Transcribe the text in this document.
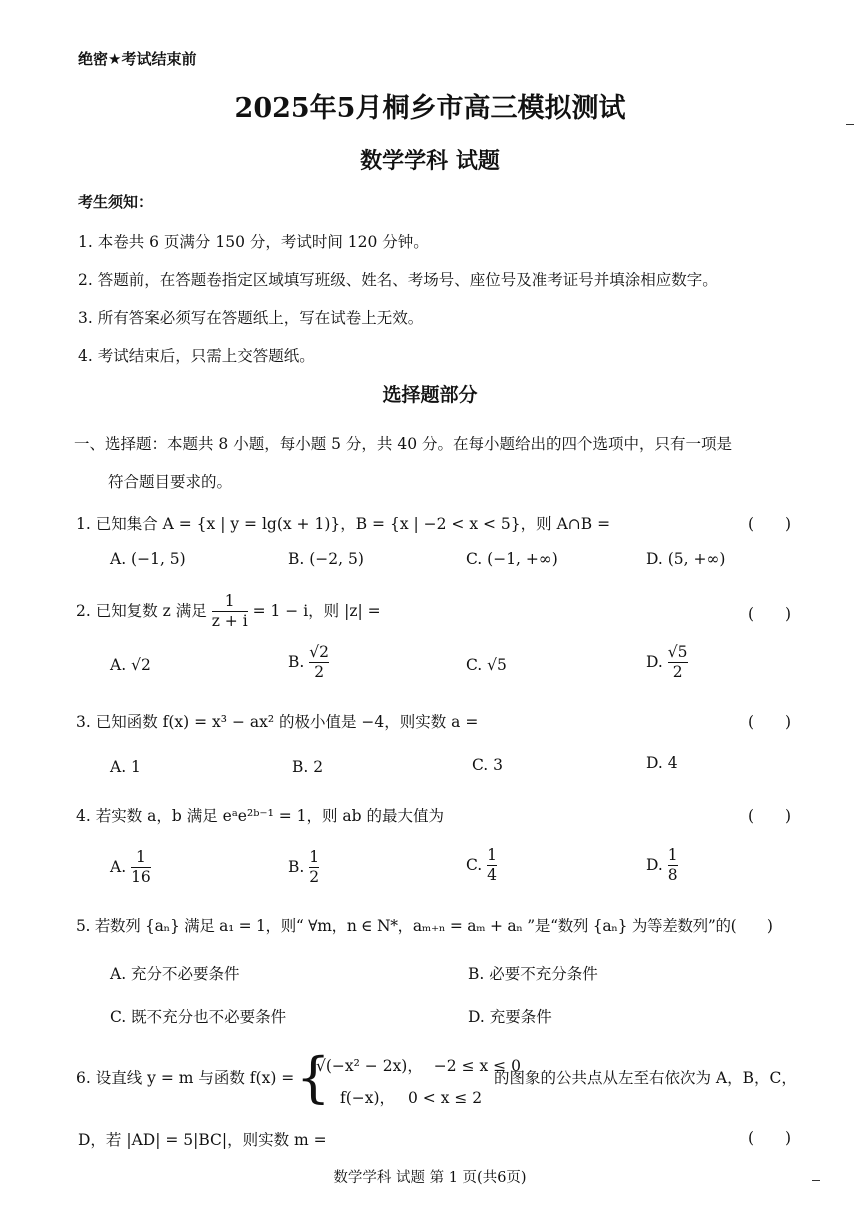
绝密★考试结束前
2025年5月桐乡市高三模拟测试
数学学科 试题
考生须知：
1. 本卷共 6 页满分 150 分，考试时间 120 分钟。
2. 答题前，在答题卷指定区域填写班级、姓名、考场号、座位号及准考证号并填涂相应数字。
3. 所有答案必须写在答题纸上，写在试卷上无效。
4. 考试结束后，只需上交答题纸。
选择题部分
一、选择题：本题共 8 小题，每小题 5 分，共 40 分。在每小题给出的四个选项中，只有一项是
符合题目要求的。
1. 已知集合 A = {x | y = lg(x + 1)}，B = {x | −2 < x < 5}，则 A∩B =	(　　)
A. (−1, 5)	B. (−2, 5)	C. (−1, +∞)	D. (5, +∞)
2. 已知复数 z 满足 $\frac{1}{z + i} = 1 - i$，则 |z| =	(　　)
A. √2	B. $\frac{√2}{2}$	C. √5	D. $\frac{√5}{2}$
3. 已知函数 f(x) = x³ − ax² 的极小值是 −4，则实数 a =	(　　)
A. 1	B. 2	C. 3	D. 4
4. 若实数 a，b 满足 eᵃe²ᵇ⁻¹ = 1，则 ab 的最大值为	(　　)
A. $\frac{1}{16}$	B. $\frac{1}{2}$	C. $\frac{1}{4}$	D. $\frac{1}{8}$
5. 若数列 {aₙ} 满足 a₁ = 1，则“ ∀m，n ∈ N*，aₘ₊ₙ = aₘ + aₙ ”是“数列 {aₙ} 为等差数列”的(　　)
A. 充分不必要条件	B. 必要不充分条件
C. 既不充分也不必要条件	D. 充要条件
6. 设直线 y = m 与函数 f(x) = {
√(−x² − 2x)， −2 ≤ x ≤ 0
f(−x)， 0 < x ≤ 2
的图象的公共点从左至右依次为 A，B，C，
D，若 |AD| = 5|BC|，则实数 m =	(　　)
数学学科 试题 第 1 页(共6页)
